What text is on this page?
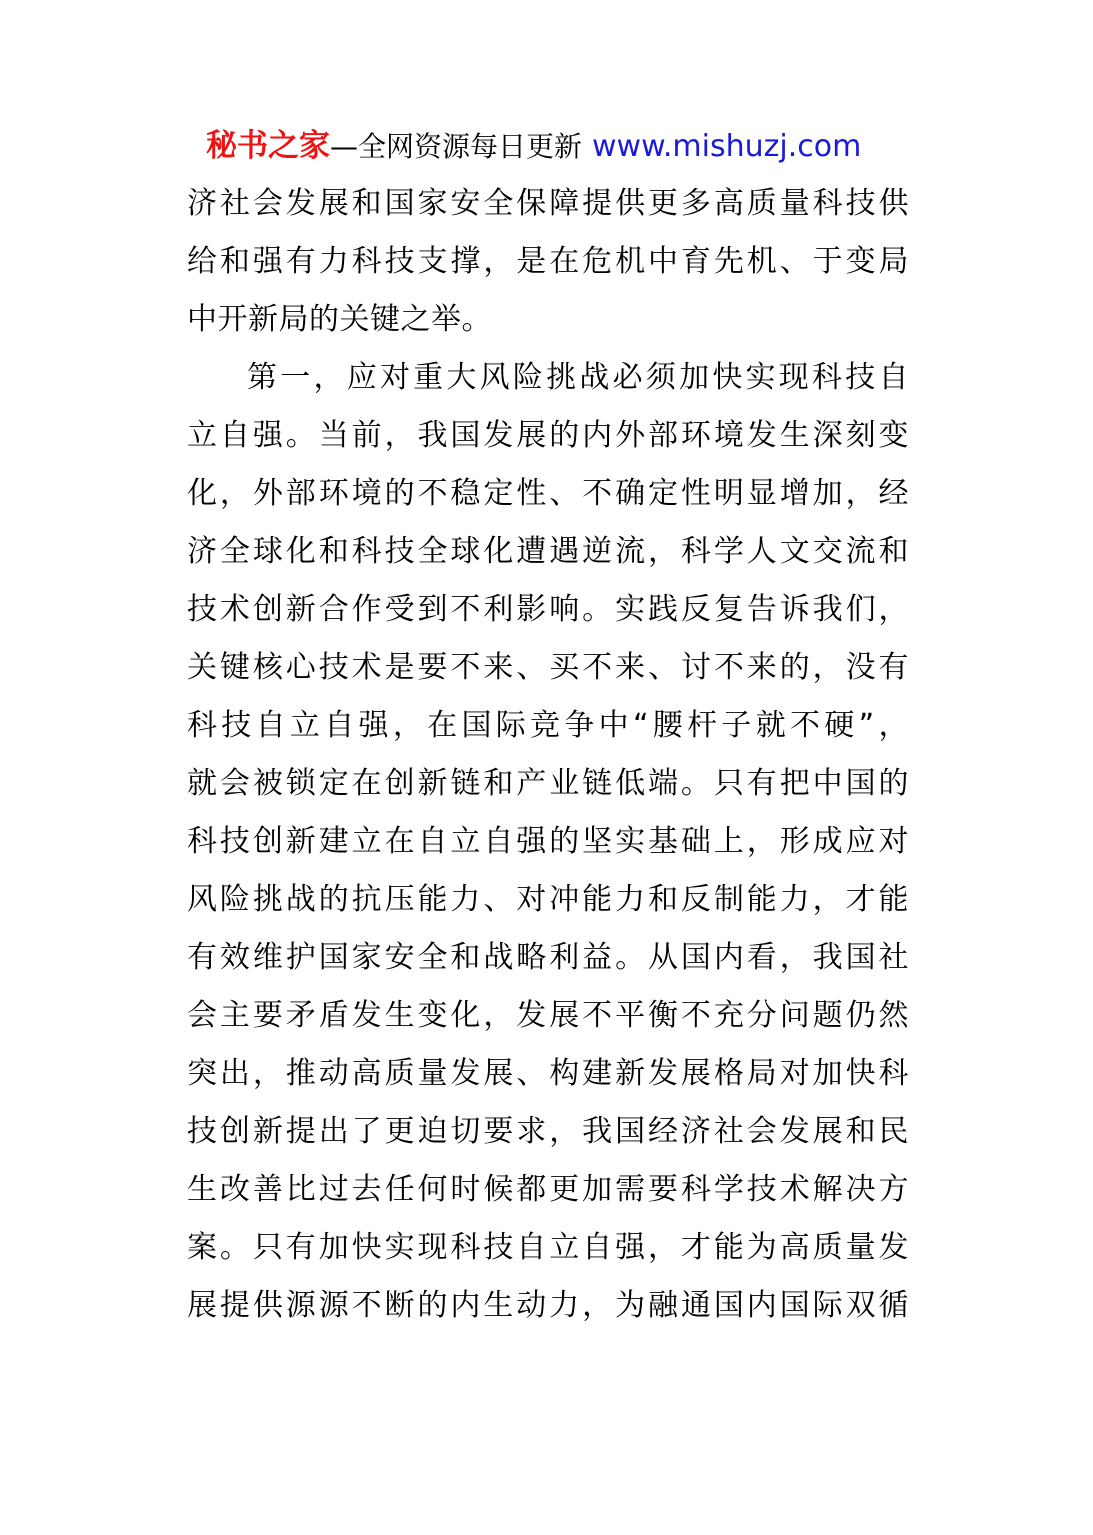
秘书之家—全网资源每日更新 www.mishuzj.com
济社会发展和国家安全保障提供更多高质量科技供
给和强有力科技支撑，是在危机中育先机、于变局
中开新局的关键之举。
第一，应对重大风险挑战必须加快实现科技自
立自强。当前，我国发展的内外部环境发生深刻变
化，外部环境的不稳定性、不确定性明显增加，经
济全球化和科技全球化遭遇逆流，科学人文交流和
技术创新合作受到不利影响。实践反复告诉我们，
关键核心技术是要不来、买不来、讨不来的，没有
科技自立自强，在国际竞争中“腰杆子就不硬”，
就会被锁定在创新链和产业链低端。只有把中国的
科技创新建立在自立自强的坚实基础上，形成应对
风险挑战的抗压能力、对冲能力和反制能力，才能
有效维护国家安全和战略利益。从国内看，我国社
会主要矛盾发生变化，发展不平衡不充分问题仍然
突出，推动高质量发展、构建新发展格局对加快科
技创新提出了更迫切要求，我国经济社会发展和民
生改善比过去任何时候都更加需要科学技术解决方
案。只有加快实现科技自立自强，才能为高质量发
展提供源源不断的内生动力，为融通国内国际双循
